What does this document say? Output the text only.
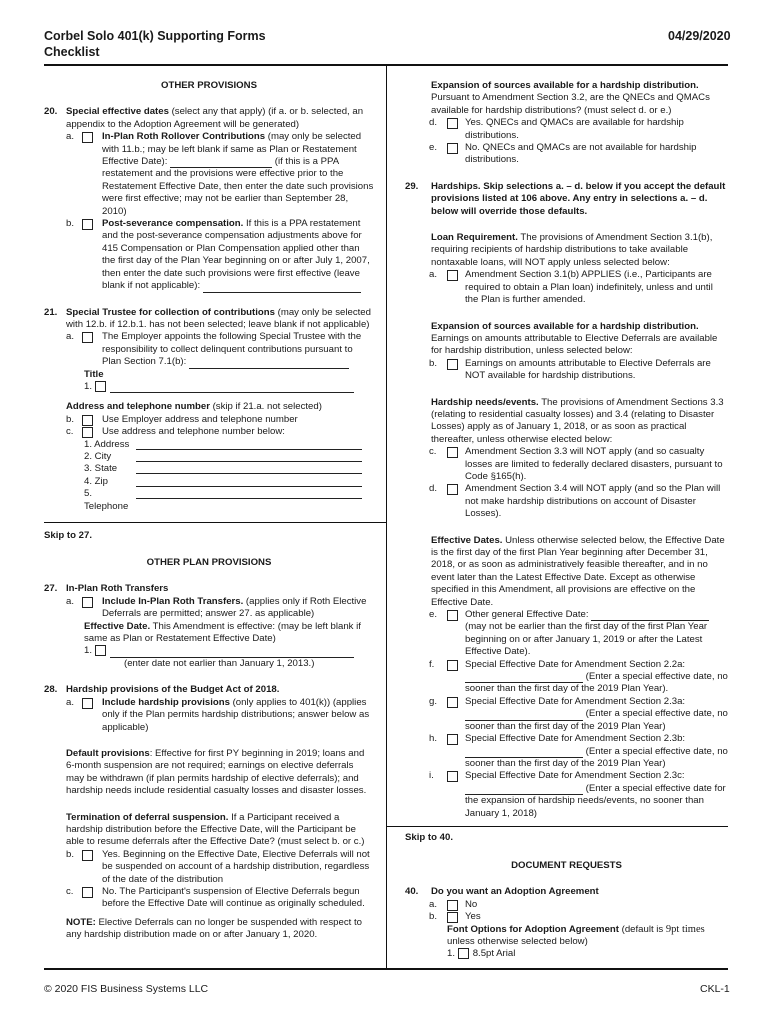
Corbel Solo 401(k) Supporting Forms
Checklist
04/29/2020
OTHER PROVISIONS
20. Special effective dates (select any that apply) (if a. or b. selected, an appendix to the Adoption Agreement will be generated)
a.	In-Plan Roth Rollover Contributions (may only be selected with 11.b.; may be left blank if same as Plan or Restatement Effective Date):	(if this is a PPA restatement and the provisions were effective prior to the Restatement Effective Date, then enter the date such provisions were first effective; may not be earlier than September 28, 2010)
b.	Post-severance compensation. If this is a PPA restatement and the post-severance compensation adjustments above for 415 Compensation or Plan Compensation applied other than the first day of the Plan Year beginning on or after July 1, 2007, then enter the date such provisions were first effective (leave blank if not applicable):
21. Special Trustee for collection of contributions (may only be selected with 12.b. if 12.b.1. has not been selected; leave blank if not applicable)
a.	The Employer appoints the following Special Trustee with the responsibility to collect delinquent contributions pursuant to Plan Section 7.1(b):
Title
1.
Address and telephone number (skip if 21.a. not selected)
b.	Use Employer address and telephone number
c.	Use address and telephone number below:
1. Address
2. City
3. State
4. Zip
5. Telephone
Skip to 27.
OTHER PLAN PROVISIONS
27. In-Plan Roth Transfers
a.	Include In-Plan Roth Transfers. (applies only if Roth Elective Deferrals are permitted; answer 27. as applicable)
Effective Date. This Amendment is effective: (may be left blank if same as Plan or Restatement Effective Date)
1.
(enter date not earlier than January 1, 2013.)
28. Hardship provisions of the Budget Act of 2018.
a.	Include hardship provisions (only applies to 401(k)) (applies only if the Plan permits hardship distributions; answer below as applicable)
Default provisions: Effective for first PY beginning in 2019; loans and 6-month suspension are not required; earnings on elective deferrals may be withdrawn (if plan permits hardship of elective deferrals); and hardship needs include residential casualty losses and disaster losses.
Termination of deferral suspension. If a Participant received a hardship distribution before the Effective Date, will the Participant be able to resume deferrals after the Effective Date? (must select b. or c.)
b.	Yes. Beginning on the Effective Date, Elective Deferrals will not be suspended on account of a hardship distribution, regardless of the date of the distribution
c.	No. The Participant's suspension of Elective Deferrals begun before the Effective Date will continue as originally scheduled.
NOTE: Elective Deferrals can no longer be suspended with respect to any hardship distribution made on or after January 1, 2020.
Expansion of sources available for a hardship distribution. Pursuant to Amendment Section 3.2, are the QNECs and QMACs available for hardship distributions? (must select d. or e.)
d.	Yes. QNECs and QMACs are available for hardship distributions.
e.	No. QNECs and QMACs are not available for hardship distributions.
29.	Hardships. Skip selections a. – d. below if you accept the default provisions listed at 106 above. Any entry in selections a. – d. below will override those defaults.
Loan Requirement. The provisions of Amendment Section 3.1(b), requiring recipients of hardship distributions to take available nontaxable loans, will NOT apply unless selected below:
a.	Amendment Section 3.1(b) APPLIES (i.e., Participants are required to obtain a Plan loan) indefinitely, unless and until the Plan is further amended.
Expansion of sources available for a hardship distribution. Earnings on amounts attributable to Elective Deferrals are available for hardship distribution, unless selected below:
b.	Earnings on amounts attributable to Elective Deferrals are NOT available for hardship distributions.
Hardship needs/events. The provisions of Amendment Sections 3.3 (relating to residential casualty losses) and 3.4 (relating to Disaster Losses) apply as of January 1, 2018, or as soon as practical thereafter, unless otherwise elected below:
c.	Amendment Section 3.3 will NOT apply (and so casualty losses are limited to federally declared disasters, pursuant to Code §165(h).
d.	Amendment Section 3.4 will NOT apply (and so the Plan will not make hardship distributions on account of Disaster Losses).
Effective Dates. Unless otherwise selected below, the Effective Date is the first day of the first Plan Year beginning after December 31, 2018, or as soon as administratively feasible thereafter, and in no event later than the Latest Effective Date. Except as otherwise specified in this Amendment, all provisions are effective on the Effective Date.
e.	Other general Effective Date:  (may not be earlier than the first day of the first Plan Year beginning on or after January 1, 2019 or after the Latest Effective Date).
f.	Special Effective Date for Amendment Section 2.2a:  (Enter a special effective date, no sooner than the first day of the 2019 Plan Year).
g.	Special Effective Date for Amendment Section 2.3a:  (Enter a special effective date, no sooner than the first day of the 2019 Plan Year)
h.	Special Effective Date for Amendment Section 2.3b:  (Enter a special effective date, no sooner than the first day of the 2019 Plan Year)
i.	Special Effective Date for Amendment Section 2.3c:  (Enter a special effective date for the expansion of hardship needs/events, no sooner than January 1, 2018)
Skip to 40.
DOCUMENT REQUESTS
40.	Do you want an Adoption Agreement
a.	No
b.	Yes
Font Options for Adoption Agreement (default is 9pt times unless otherwise selected below)
1. 8.5pt Arial
© 2020 FIS Business Systems LLC	CKL-1
